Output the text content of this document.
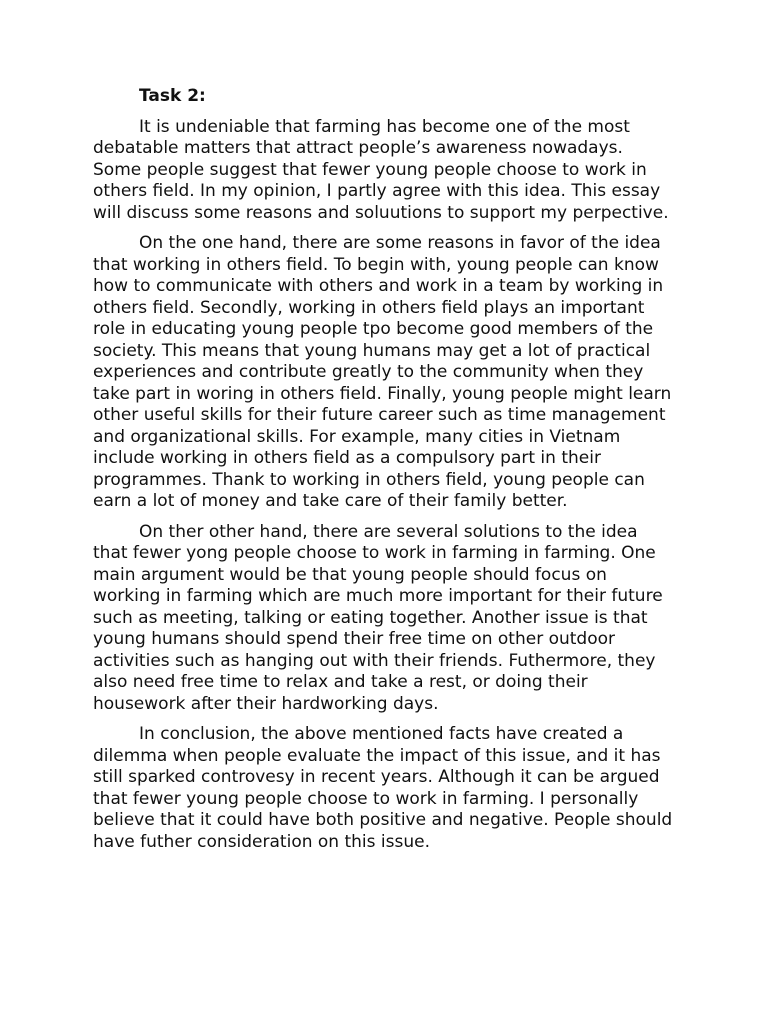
Task 2:

It is undeniable that farming has become one of the most debatable matters that attract people’s awareness nowadays. Some people suggest that fewer young people choose to work in others field. In my opinion, I partly agree with this idea. This essay will discuss some reasons and soluutions to support my perpective.

On the one hand, there are some reasons in favor of the idea that working in others field. To begin with, young people can know how to communicate with others and work in a team by working in others field. Secondly, working in others field plays an important role in educating young people tpo become good members of the society. This means that young humans may get a lot of practical experiences and contribute greatly to the community when they take part in woring in others field. Finally, young people might learn other useful skills for their future career such as time management and organizational skills. For example, many cities in Vietnam include working in others field as a compulsory part in their programmes. Thank to working in others field, young people can earn a lot of money and take care of their family better.

On ther other hand, there are several solutions to the idea that fewer yong people choose to work in farming in farming. One main argument would be that young people should focus on working in farming which are much more important for their future such as meeting, talking or eating together. Another issue is that young humans should spend their free time on other outdoor activities such as hanging out with their friends. Futhermore, they also need free time to relax and take a rest, or doing their housework after their hardworking days.

In conclusion, the above mentioned facts have created a dilemma when people evaluate the impact of this issue, and it has still sparked controvesy in recent years. Although it can be argued that fewer young people choose to work in farming. I personally believe that it could have both positive and negative. People should have futher consideration on this issue.
